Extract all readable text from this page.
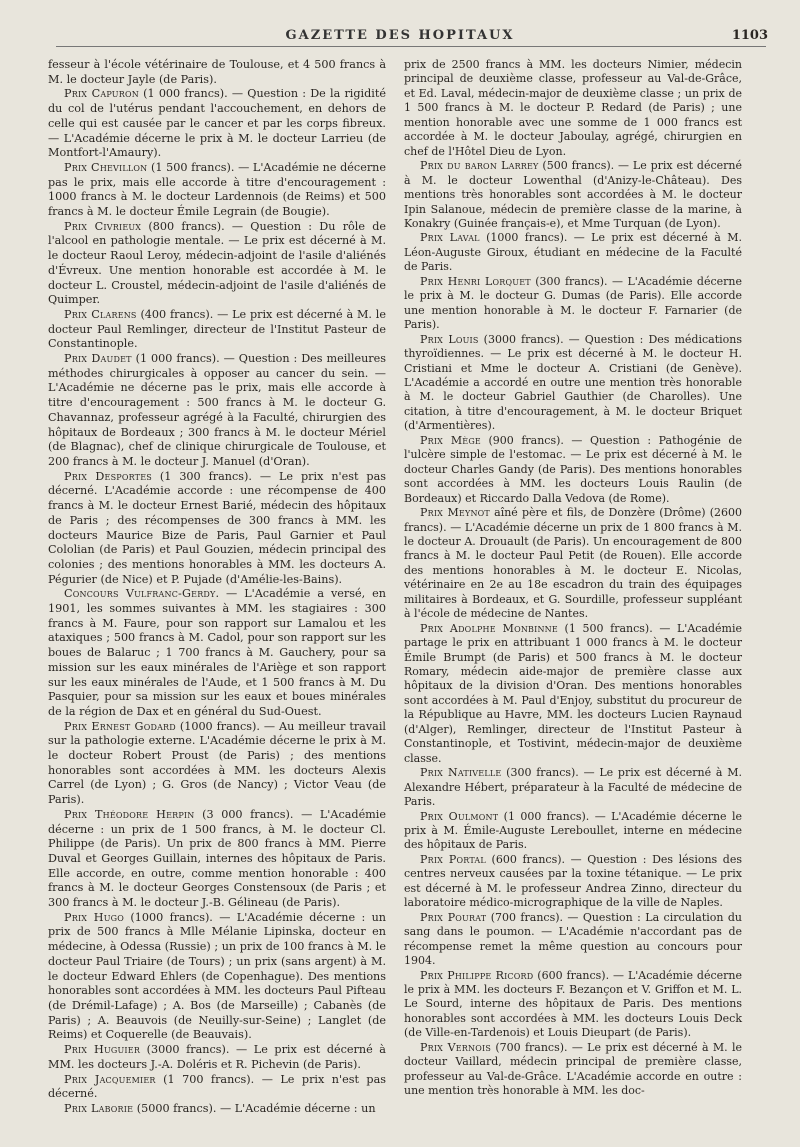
GAZETTE DES HOPITAUX	1103

fesseur à l'école vétérinaire de Toulouse, et 4 500 francs à M. le docteur Jayle (de Paris).

Prix Capuron (1 000 francs). — Question : De la rigidité du col de l'utérus pendant l'accouchement, en dehors de celle qui est causée par le cancer et par les corps fibreux. — L'Académie décerne le prix à M. le docteur Larrieu (de Montfort-l'Amaury).

Prix Chevillon (1 500 francs). — L'Académie ne décerne pas le prix, mais elle accorde à titre d'encouragement : 1000 francs à M. le docteur Lardennois (de Reims) et 500 francs à M. le docteur Émile Legrain (de Bougie).

Prix Civrieux (800 francs). — Question : Du rôle de l'alcool en pathologie mentale. — Le prix est décerné à M. le docteur Raoul Leroy, médecin-adjoint de l'asile d'aliénés d'Évreux. Une mention honorable est accordée à M. le docteur L. Croustel, médecin-adjoint de l'asile d'aliénés de Quimper.

Prix Clarens (400 francs). — Le prix est décerné à M. le docteur Paul Remlinger, directeur de l'Institut Pasteur de Constantinople.

Prix Daudet (1 000 francs). — Question : Des meilleures méthodes chirurgicales à opposer au cancer du sein. — L'Académie ne décerne pas le prix, mais elle accorde à titre d'encouragement : 500 francs à M. le docteur G. Chavannaz, professeur agrégé à la Faculté, chirurgien des hôpitaux de Bordeaux ; 300 francs à M. le docteur Mériel (de Blagnac), chef de clinique chirurgicale de Toulouse, et 200 francs à M. le docteur J. Manuel (d'Oran).

Prix Desportes (1 300 francs). — Le prix n'est pas décerné. L'Académie accorde : une récompense de 400 francs à M. le docteur Ernest Barié, médecin des hôpitaux de Paris ; des récompenses de 300 francs à MM. les docteurs Maurice Bize de Paris, Paul Garnier et Paul Cololian (de Paris) et Paul Gouzien, médecin principal des colonies ; des mentions honorables à MM. les docteurs A. Pégurier (de Nice) et P. Pujade (d'Amélie-les-Bains).

Concours Vulfranc-Gerdy. — L'Académie a versé, en 1901, les sommes suivantes à MM. les stagiaires : 300 francs à M. Faure, pour son rapport sur Lamalou et les ataxiques ; 500 francs à M. Cadol, pour son rapport sur les boues de Balaruc ; 1 700 francs à M. Gauchery, pour sa mission sur les eaux minérales de l'Ariège et son rapport sur les eaux minérales de l'Aude, et 1 500 francs à M. Du Pasquier, pour sa mission sur les eaux et boues minérales de la région de Dax et en général du Sud-Ouest.

Prix Ernest Godard (1000 francs). — Au meilleur travail sur la pathologie externe. L'Académie décerne le prix à M. le docteur Robert Proust (de Paris) ; des mentions honorables sont accordées à MM. les docteurs Alexis Carrel (de Lyon) ; G. Gros (de Nancy) ; Victor Veau (de Paris).

Prix Théodore Herpin (3 000 francs). — L'Académie décerne : un prix de 1 500 francs, à M. le docteur Cl. Philippe (de Paris). Un prix de 800 francs à MM. Pierre Duval et Georges Guillain, internes des hôpitaux de Paris. Elle accorde, en outre, comme mention honorable : 400 francs à M. le docteur Georges Constensoux (de Paris ; et 300 francs à M. le docteur J.-B. Gélineau (de Paris).

Prix Hugo (1000 francs). — L'Académie décerne : un prix de 500 francs à Mlle Mélanie Lipinska, docteur en médecine, à Odessa (Russie) ; un prix de 100 francs à M. le docteur Paul Triaire (de Tours) ; un prix (sans argent) à M. le docteur Edward Ehlers (de Copenhague). Des mentions honorables sont accordées à MM. les docteurs Paul Pifteau (de Drémil-Lafage) ; A. Bos (de Marseille) ; Cabanès (de Paris) ; A. Beauvois (de Neuilly-sur-Seine) ; Langlet (de Reims) et Coquerelle (de Beauvais).

Prix Huguier (3000 francs). — Le prix est décerné à MM. les docteurs J.-A. Doléris et R. Pichevin (de Paris).

Prix Jacquemier (1 700 francs). — Le prix n'est pas décerné.

Prix Laborie (5000 francs). — L'Académie décerne : un

prix de 2500 francs à MM. les docteurs Nimier, médecin principal de deuxième classe, professeur au Val-de-Grâce, et Ed. Laval, médecin-major de deuxième classe ; un prix de 1 500 francs à M. le docteur P. Redard (de Paris) ; une mention honorable avec une somme de 1 000 francs est accordée à M. le docteur Jaboulay, agrégé, chirurgien en chef de l'Hôtel Dieu de Lyon.

Prix du baron Larrey (500 francs). — Le prix est décerné à M. le docteur Lowenthal (d'Anizy-le-Château). Des mentions très honorables sont accordées à M. le docteur Ipin Salanoue, médecin de première classe de la marine, à Konakry (Guinée français-e), et Mme Turquan (de Lyon).

Prix Laval (1000 francs). — Le prix est décerné à M. Léon-Auguste Giroux, étudiant en médecine de la Faculté de Paris.

Prix Henri Lorquet (300 francs). — L'Académie décerne le prix à M. le docteur G. Dumas (de Paris). Elle accorde une mention honorable à M. le docteur F. Farnarier (de Paris).

Prix Louis (3000 francs). — Question : Des médications thyroïdiennes. — Le prix est décerné à M. le docteur H. Cristiani et Mme le docteur A. Cristiani (de Genève). L'Académie a accordé en outre une mention très honorable à M. le docteur Gabriel Gauthier (de Charolles). Une citation, à titre d'encouragement, à M. le docteur Briquet (d'Armentières).

Prix Mège (900 francs). — Question : Pathogénie de l'ulcère simple de l'estomac. — Le prix est décerné à M. le docteur Charles Gandy (de Paris). Des mentions honorables sont accordées à MM. les docteurs Louis Raulin (de Bordeaux) et Riccardo Dalla Vedova (de Rome).

Prix Meynot aîné père et fils, de Donzère (Drôme) (2600 francs). — L'Académie décerne un prix de 1 800 francs à M. le docteur A. Drouault (de Paris). Un encouragement de 800 francs à M. le docteur Paul Petit (de Rouen). Elle accorde des mentions honorables à M. le docteur E. Nicolas, vétérinaire en 2e au 18e escadron du train des équipages militaires à Bordeaux, et G. Sourdille, professeur suppléant à l'école de médecine de Nantes.

Prix Adolphe Monbinne (1 500 francs). — L'Académie partage le prix en attribuant 1 000 francs à M. le docteur Émile Brumpt (de Paris) et 500 francs à M. le docteur Romary, médecin aide-major de première classe aux hôpitaux de la division d'Oran. Des mentions honorables sont accordées à M. Paul d'Enjoy, substitut du procureur de la République au Havre, MM. les docteurs Lucien Raynaud (d'Alger), Remlinger, directeur de l'Institut Pasteur à Constantinople, et Tostivint, médecin-major de deuxième classe.

Prix Nativelle (300 francs). — Le prix est décerné à M. Alexandre Hébert, préparateur à la Faculté de médecine de Paris.

Prix Oulmont (1 000 francs). — L'Académie décerne le prix à M. Émile-Auguste Lereboullet, interne en médecine des hôpitaux de Paris.

Prix Portal (600 francs). — Question : Des lésions des centres nerveux causées par la toxine tétanique. — Le prix est décerné à M. le professeur Andrea Zinno, directeur du laboratoire médico-micrographique de la ville de Naples.

Prix Pourat (700 francs). — Question : La circulation du sang dans le poumon. — L'Académie n'accordant pas de récompense remet la même question au concours pour 1904.

Prix Philippe Ricord (600 francs). — L'Académie décerne le prix à MM. les docteurs F. Bezançon et V. Griffon et M. L. Le Sourd, interne des hôpitaux de Paris. Des mentions honorables sont accordées à MM. les docteurs Louis Deck (de Ville-en-Tardenois) et Louis Dieupart (de Paris).

Prix Vernois (700 francs). — Le prix est décerné à M. le docteur Vaillard, médecin principal de première classe, professeur au Val-de-Grâce. L'Académie accorde en outre : une mention très honorable à MM. les doc-
